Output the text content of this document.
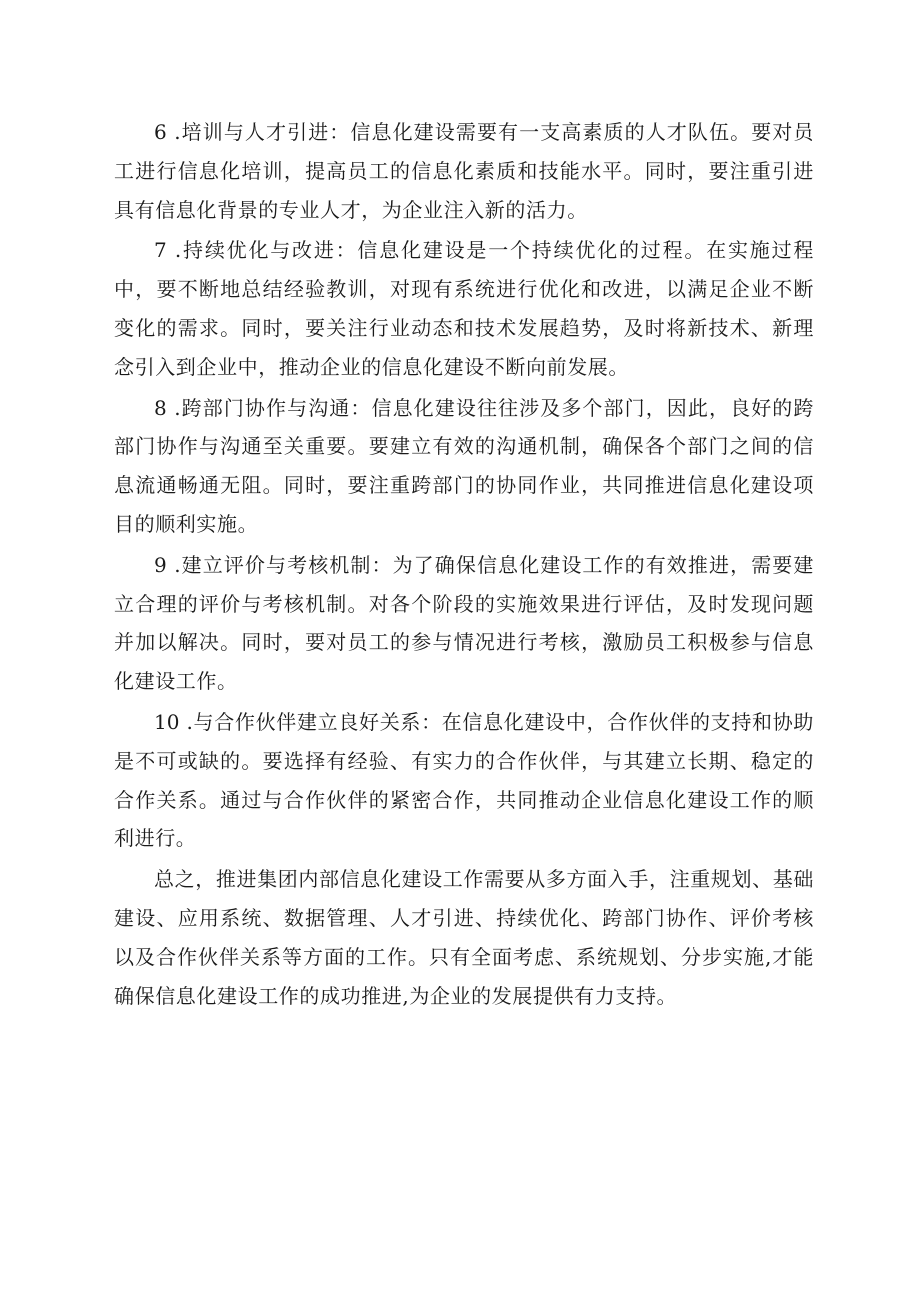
6 .培训与人才引进：信息化建设需要有一支高素质的人才队伍。要对员工进行信息化培训，提高员工的信息化素质和技能水平。同时，要注重引进具有信息化背景的专业人才，为企业注入新的活力。

7 .持续优化与改进：信息化建设是一个持续优化的过程。在实施过程中，要不断地总结经验教训，对现有系统进行优化和改进，以满足企业不断变化的需求。同时，要关注行业动态和技术发展趋势，及时将新技术、新理念引入到企业中，推动企业的信息化建设不断向前发展。

8 .跨部门协作与沟通：信息化建设往往涉及多个部门，因此，良好的跨部门协作与沟通至关重要。要建立有效的沟通机制，确保各个部门之间的信息流通畅通无阻。同时，要注重跨部门的协同作业，共同推进信息化建设项目的顺利实施。

9 .建立评价与考核机制：为了确保信息化建设工作的有效推进，需要建立合理的评价与考核机制。对各个阶段的实施效果进行评估，及时发现问题并加以解决。同时，要对员工的参与情况进行考核，激励员工积极参与信息化建设工作。

10 .与合作伙伴建立良好关系：在信息化建设中，合作伙伴的支持和协助是不可或缺的。要选择有经验、有实力的合作伙伴，与其建立长期、稳定的合作关系。通过与合作伙伴的紧密合作，共同推动企业信息化建设工作的顺利进行。

总之，推进集团内部信息化建设工作需要从多方面入手，注重规划、基础建设、应用系统、数据管理、人才引进、持续优化、跨部门协作、评价考核以及合作伙伴关系等方面的工作。只有全面考虑、系统规划、分步实施,才能确保信息化建设工作的成功推进,为企业的发展提供有力支持。
